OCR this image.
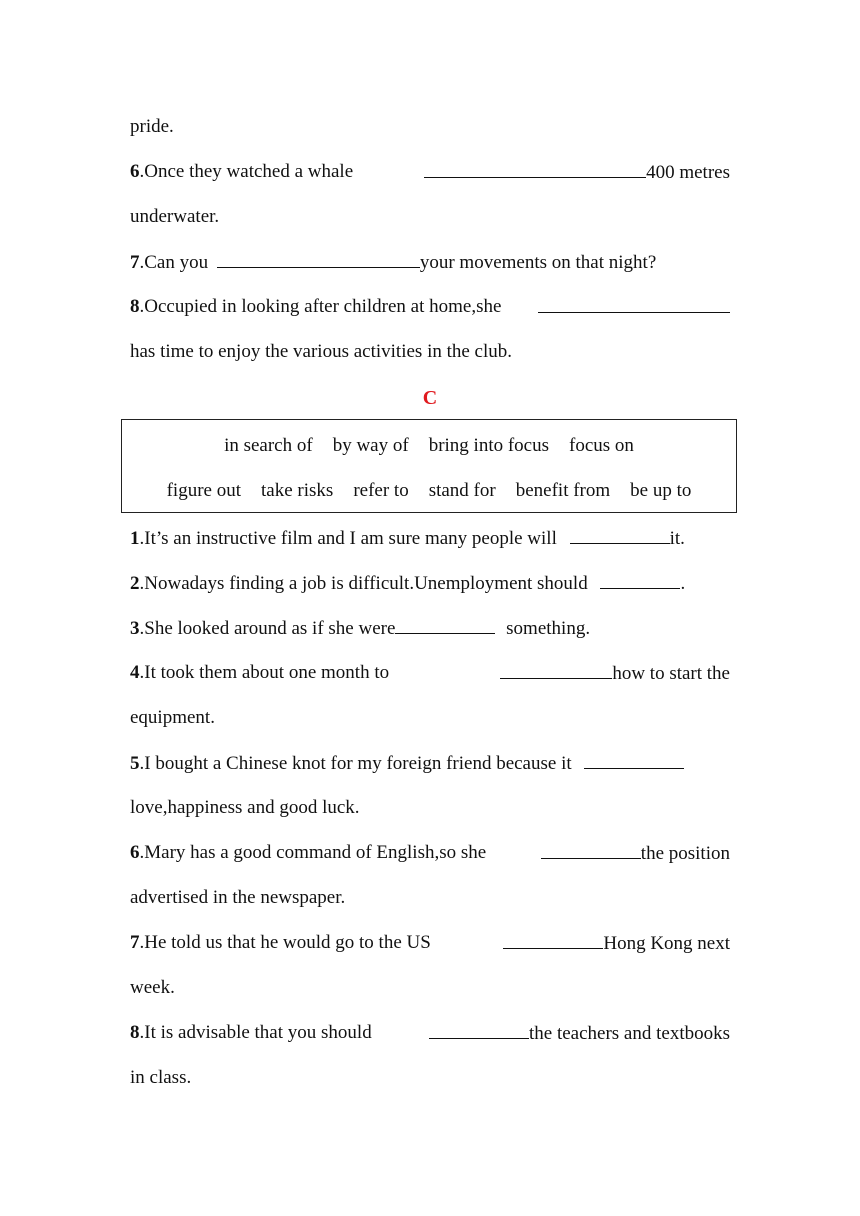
pride.
6.Once they watched a whale	400 metres
underwater.
7.Can you	your movements on that night?
8.Occupied in looking after children at home,she
has time to enjoy the various activities in the club.
C
1.It’s an instructive film and I am sure many people will	it.
2.Nowadays finding a job is difficult.Unemployment should	.
3.She looked around as if she were	something.
4.It took them about one month to	how to start the
equipment.
5.I bought a Chinese knot for my foreign friend because it
love,happiness and good luck.
6.Mary has a good command of English,so she	the position
advertised in the newspaper.
7.He told us that he would go to the US	Hong Kong next
week.
8.It is advisable that you should	the teachers and textbooks
in class.
in search of by way of bring into focus focus on
figure out take risks refer to stand for benefit from be up to
